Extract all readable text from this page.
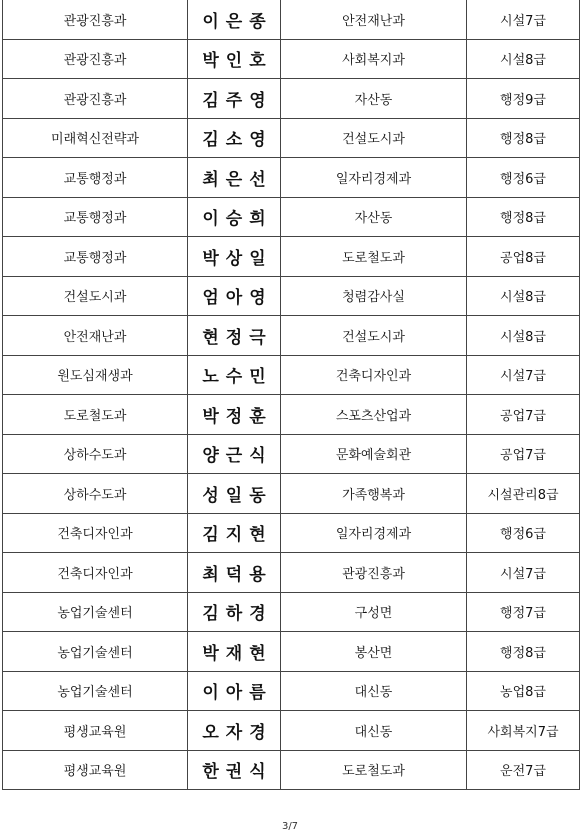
관광진흥과	이은종	안전재난과	시설7급
관광진흥과	박인호	사회복지과	시설8급
관광진흥과	김주영	자산동	행정9급
미래혁신전략과	김소영	건설도시과	행정8급
교통행정과	최은선	일자리경제과	행정6급
교통행정과	이승희	자산동	행정8급
교통행정과	박상일	도로철도과	공업8급
건설도시과	엄아영	청렴감사실	시설8급
안전재난과	현정극	건설도시과	시설8급
원도심재생과	노수민	건축디자인과	시설7급
도로철도과	박정훈	스포츠산업과	공업7급
상하수도과	양근식	문화예술회관	공업7급
상하수도과	성일동	가족행복과	시설관리8급
건축디자인과	김지현	일자리경제과	행정6급
건축디자인과	최덕용	관광진흥과	시설7급
농업기술센터	김하경	구성면	행정7급
농업기술센터	박재현	봉산면	행정8급
농업기술센터	이아름	대신동	농업8급
평생교육원	오자경	대신동	사회복지7급
평생교육원	한권식	도로철도과	운전7급
3/7
